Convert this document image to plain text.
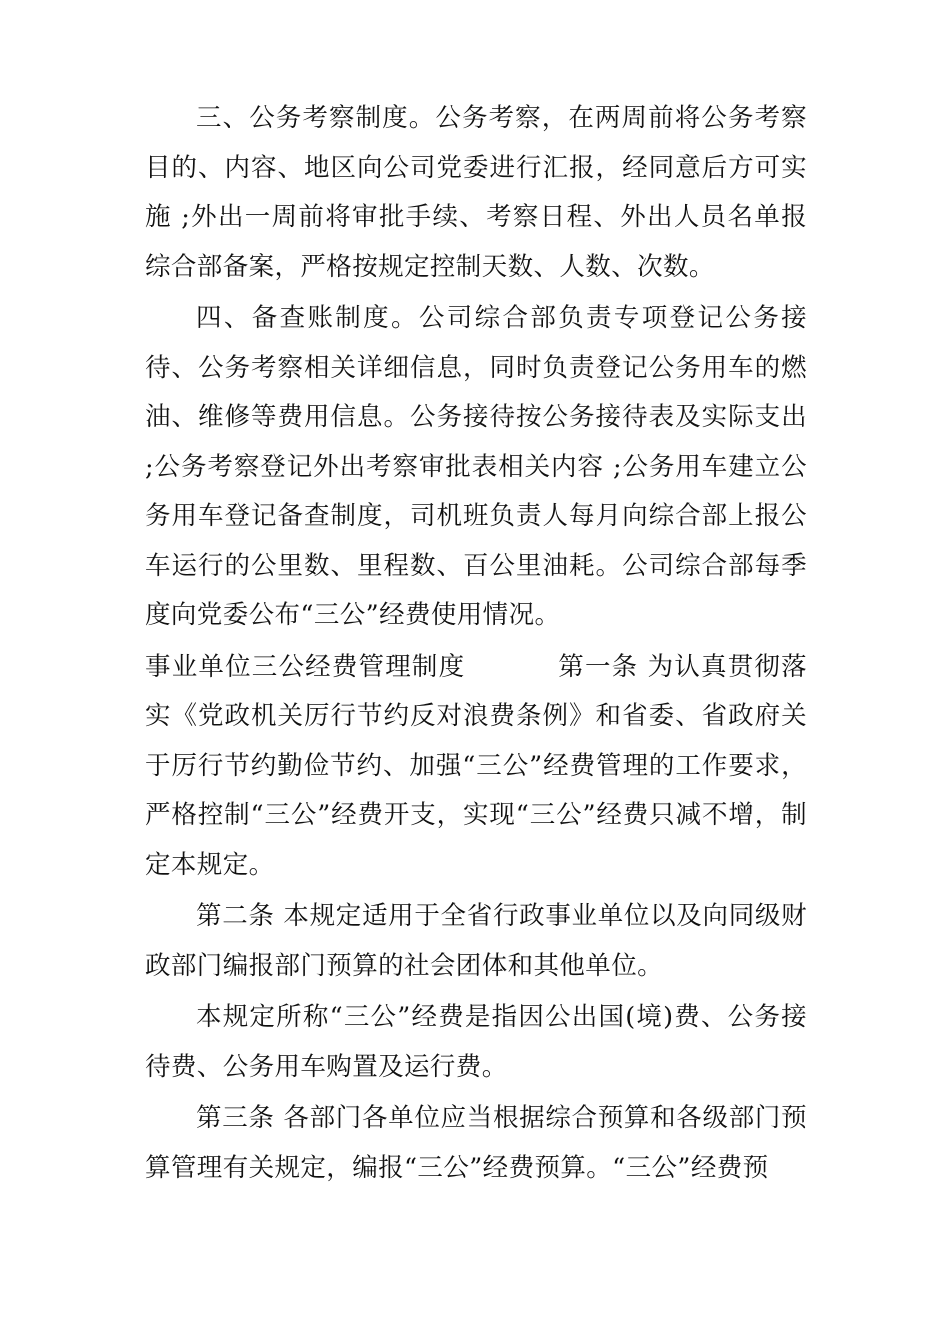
三、公务考察制度。公务考察，在两周前将公务考察目的、内容、地区向公司党委进行汇报，经同意后方可实施 ;外出一周前将审批手续、考察日程、外出人员名单报综合部备案，严格按规定控制天数、人数、次数。

四、备查账制度。公司综合部负责专项登记公务接待、公务考察相关详细信息，同时负责登记公务用车的燃油、维修等费用信息。公务接待按公务接待表及实际支出 ;公务考察登记外出考察审批表相关内容 ;公务用车建立公务用车登记备查制度，司机班负责人每月向综合部上报公车运行的公里数、里程数、百公里油耗。公司综合部每季度向党委公布“三公”经费使用情况。

事业单位三公经费管理制度	第一条 为认真贯彻落实《党政机关厉行节约反对浪费条例》和省委、省政府关于厉行节约勤俭节约、加强“三公”经费管理的工作要求，严格控制“三公”经费开支，实现“三公”经费只减不增，制定本规定。

第二条 本规定适用于全省行政事业单位以及向同级财政部门编报部门预算的社会团体和其他单位。

本规定所称“三公”经费是指因公出国(境)费、公务接待费、公务用车购置及运行费。

第三条 各部门各单位应当根据综合预算和各级部门预算管理有关规定，编报“三公”经费预算。“三公”经费预
